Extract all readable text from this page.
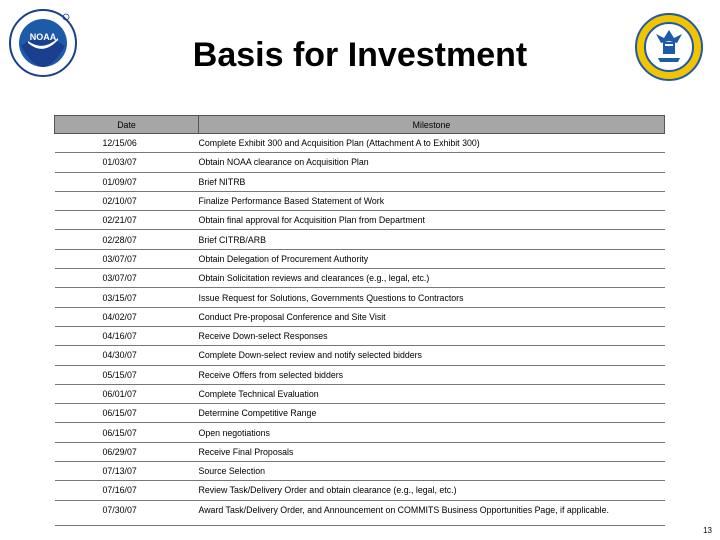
NOAA	Basis for Investment
Date	Milestone
12/15/06	Complete Exhibit 300 and Acquisition Plan (Attachment A to Exhibit 300)
01/03/07	Obtain NOAA clearance on Acquisition Plan
01/09/07	Brief NITRB
02/10/07	Finalize Performance Based Statement of Work
02/21/07	Obtain final approval for Acquisition Plan from Department
02/28/07	Brief CITRB/ARB
03/07/07	Obtain Delegation of Procurement Authority
03/07/07	Obtain Solicitation reviews and clearances (e.g., legal, etc.)
03/15/07	Issue Request for Solutions, Governments Questions to Contractors
04/02/07	Conduct Pre-proposal Conference and Site Visit
04/16/07	Receive Down-select Responses
04/30/07	Complete Down-select review and notify selected bidders
05/15/07	Receive Offers from selected bidders
06/01/07	Complete Technical Evaluation
06/15/07	Determine Competitive Range
06/15/07	Open negotiations
06/29/07	Receive Final Proposals
07/13/07	Source Selection
07/16/07	Review Task/Delivery Order and obtain clearance (e.g., legal, etc.)
07/30/07	Award Task/Delivery Order, and Announcement on COMMITS Business Opportunities Page, if applicable.
13
